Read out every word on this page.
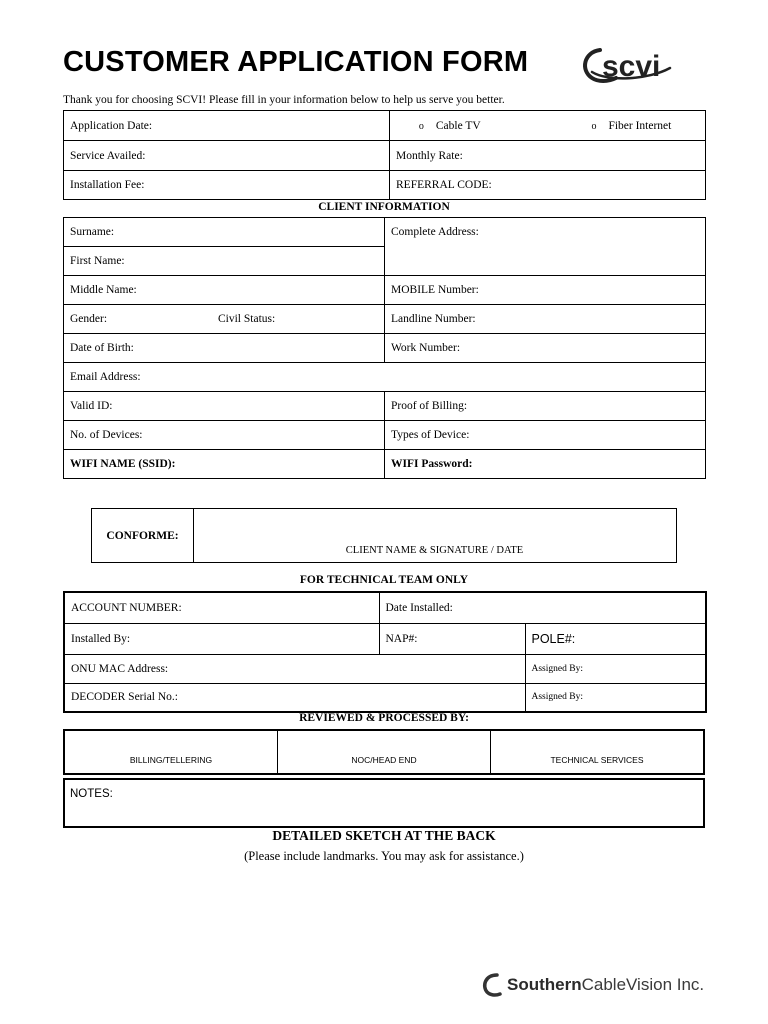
CUSTOMER APPLICATION FORM scvi
Thank you for choosing SCVI! Please fill in your information below to help us serve you better.
Application Date:	o Cable TV o Fiber Internet
Service Availed:	Monthly Rate:
Installation Fee:	REFERRAL CODE:
CLIENT INFORMATION
Surname:	Complete Address:
First Name:	
Middle Name:	MOBILE Number:
Gender: Civil Status:	Landline Number:
Date of Birth:	Work Number:
Email Address:	
Valid ID:	Proof of Billing:
No. of Devices:	Types of Device:
WIFI NAME (SSID):	WIFI Password:
CONFORME:
CLIENT NAME & SIGNATURE / DATE
FOR TECHNICAL TEAM ONLY
ACCOUNT NUMBER:	Date Installed:	
Installed By:	NAP#:	POLE#:
ONU MAC Address:		Assigned By:
DECODER Serial No.:		Assigned By:
REVIEWED & PROCESSED BY:
BILLING/TELLERING	NOC/HEAD END	TECHNICAL SERVICES
NOTES:
DETAILED SKETCH AT THE BACK
(Please include landmarks. You may ask for assistance.)
SouthernCableVision Inc.
